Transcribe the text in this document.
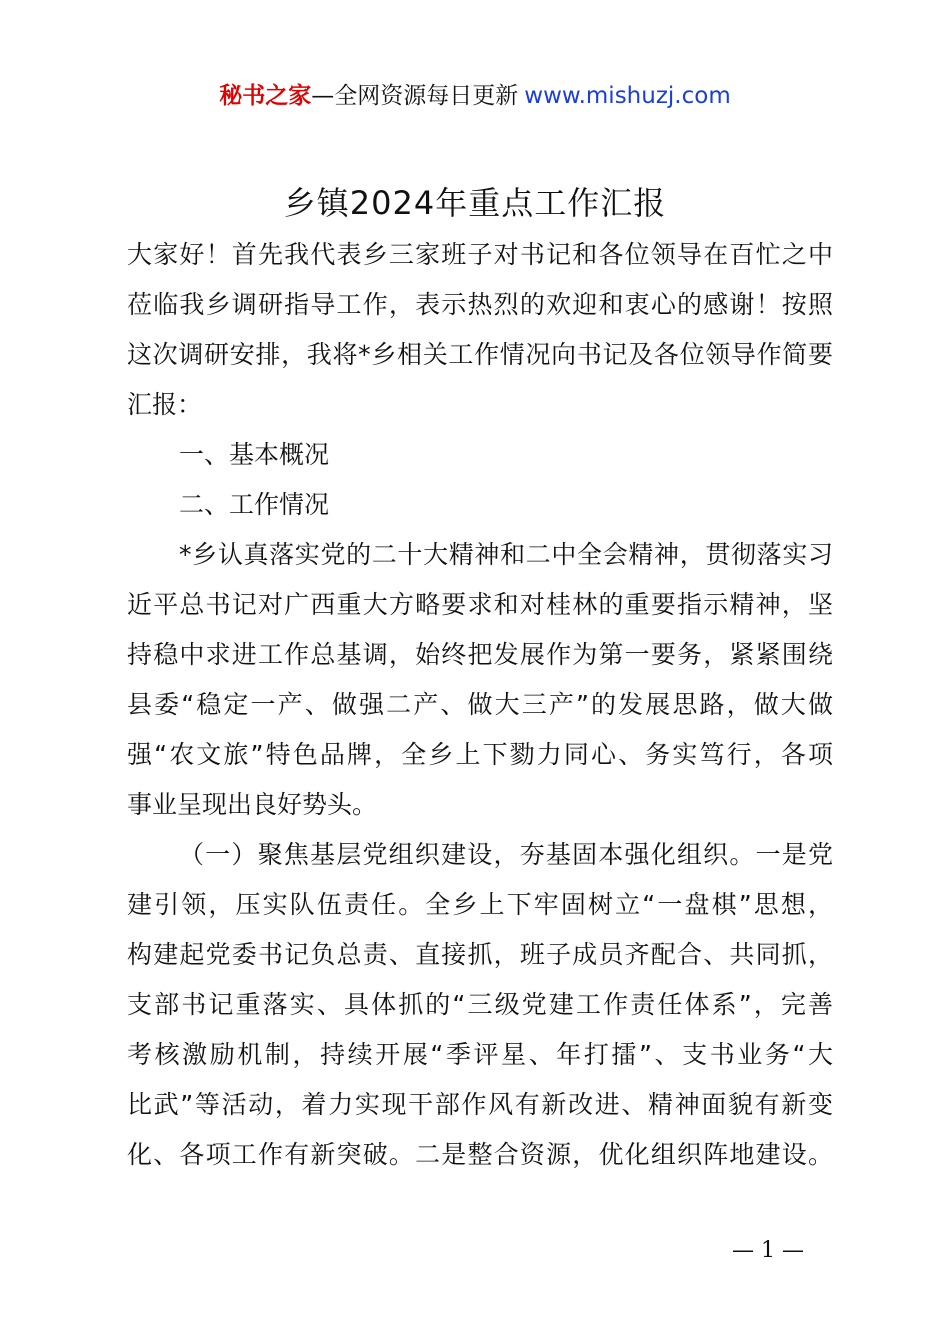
秘书之家—全网资源每日更新 www.mishuzj.com
乡镇2024年重点工作汇报
大家好！首先我代表乡三家班子对书记和各位领导在百忙之中
莅临我乡调研指导工作，表示热烈的欢迎和衷心的感谢！按照
这次调研安排，我将*乡相关工作情况向书记及各位领导作简要
汇报：
一、基本概况
二、工作情况
*乡认真落实党的二十大精神和二中全会精神，贯彻落实习
近平总书记对广西重大方略要求和对桂林的重要指示精神，坚
持稳中求进工作总基调，始终把发展作为第一要务，紧紧围绕
县委“稳定一产、做强二产、做大三产”的发展思路，做大做
强“农文旅”特色品牌，全乡上下勠力同心、务实笃行，各项
事业呈现出良好势头。
（一）聚焦基层党组织建设，夯基固本强化组织。一是党
建引领，压实队伍责任。全乡上下牢固树立“一盘棋”思想，
构建起党委书记负总责、直接抓，班子成员齐配合、共同抓，
支部书记重落实、具体抓的“三级党建工作责任体系”，完善
考核激励机制，持续开展“季评星、年打擂”、支书业务“大
比武”等活动，着力实现干部作风有新改进、精神面貌有新变
化、各项工作有新突破。二是整合资源，优化组织阵地建设。
— 1 —
